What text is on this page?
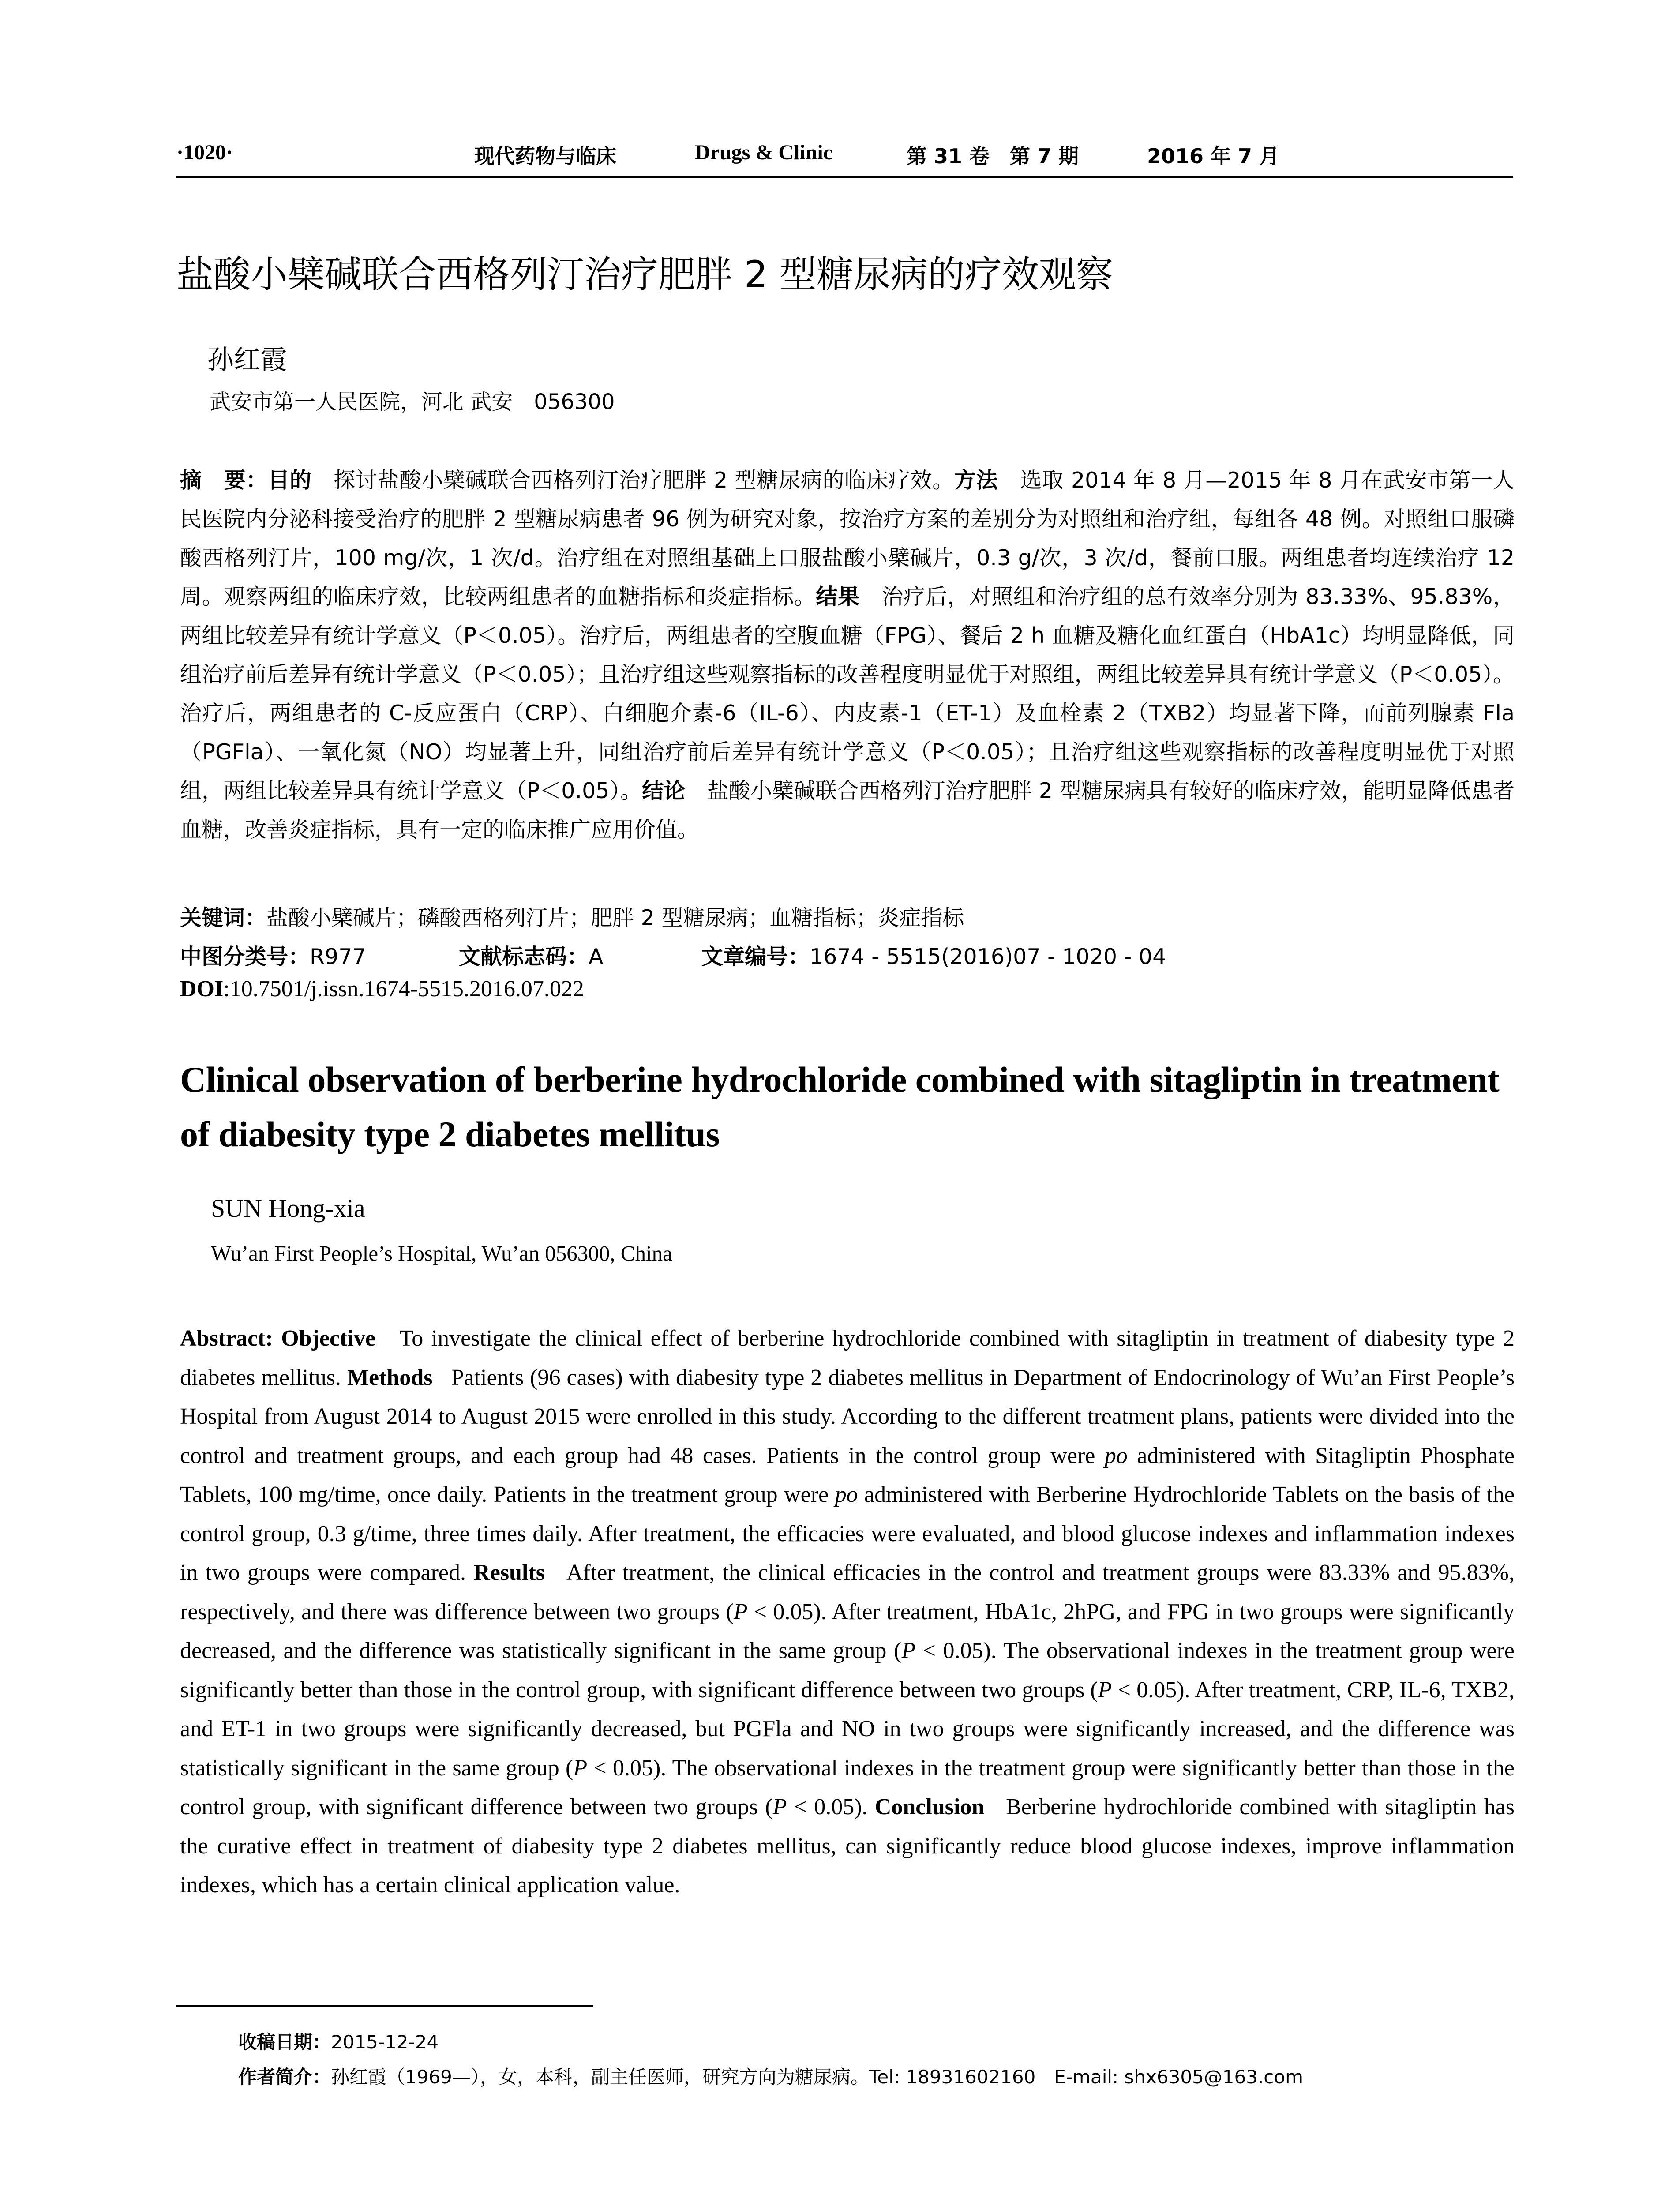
·1020·	现代药物与临床	Drugs & Clinic	第 31 卷　第 7 期	2016 年 7 月
盐酸小檗碱联合西格列汀治疗肥胖 2 型糖尿病的疗效观察
孙红霞
武安市第一人民医院，河北 武安　056300
摘　要：目的　探讨盐酸小檗碱联合西格列汀治疗肥胖 2 型糖尿病的临床疗效。方法　选取 2014 年 8 月—2015 年 8 月在武安市第一人民医院内分泌科接受治疗的肥胖 2 型糖尿病患者 96 例为研究对象，按治疗方案的差别分为对照组和治疗组，每组各 48 例。对照组口服磷酸西格列汀片，100 mg/次，1 次/d。治疗组在对照组基础上口服盐酸小檗碱片，0.3 g/次，3 次/d，餐前口服。两组患者均连续治疗 12 周。观察两组的临床疗效，比较两组患者的血糖指标和炎症指标。结果　治疗后，对照组和治疗组的总有效率分别为 83.33%、95.83%，两组比较差异有统计学意义（P＜0.05）。治疗后，两组患者的空腹血糖（FPG）、餐后 2 h 血糖及糖化血红蛋白（HbA1c）均明显降低，同组治疗前后差异有统计学意义（P＜0.05）；且治疗组这些观察指标的改善程度明显优于对照组，两组比较差异具有统计学意义（P＜0.05）。治疗后，两组患者的 C-反应蛋白（CRP）、白细胞介素-6（IL-6）、内皮素-1（ET-1）及血栓素 2（TXB2）均显著下降，而前列腺素 Fla（PGFla）、一氧化氮（NO）均显著上升，同组治疗前后差异有统计学意义（P＜0.05）；且治疗组这些观察指标的改善程度明显优于对照组，两组比较差异具有统计学意义（P＜0.05）。结论　盐酸小檗碱联合西格列汀治疗肥胖 2 型糖尿病具有较好的临床疗效，能明显降低患者血糖，改善炎症指标，具有一定的临床推广应用价值。
关键词：盐酸小檗碱片；磷酸西格列汀片；肥胖 2 型糖尿病；血糖指标；炎症指标
中图分类号：R977	文献标志码：A	文章编号：1674 - 5515(2016)07 - 1020 - 04
DOI:10.7501/j.issn.1674-5515.2016.07.022
Clinical observation of berberine hydrochloride combined with sitagliptin in treatment of diabesity type 2 diabetes mellitus
SUN Hong-xia
Wu’an First People’s Hospital, Wu’an 056300, China
Abstract: Objective To investigate the clinical effect of berberine hydrochloride combined with sitagliptin in treatment of diabesity type 2 diabetes mellitus. Methods Patients (96 cases) with diabesity type 2 diabetes mellitus in Department of Endocrinology of Wu’an First People’s Hospital from August 2014 to August 2015 were enrolled in this study. According to the different treatment plans, patients were divided into the control and treatment groups, and each group had 48 cases. Patients in the control group were po administered with Sitagliptin Phosphate Tablets, 100 mg/time, once daily. Patients in the treatment group were po administered with Berberine Hydrochloride Tablets on the basis of the control group, 0.3 g/time, three times daily. After treatment, the efficacies were evaluated, and blood glucose indexes and inflammation indexes in two groups were compared. Results After treatment, the clinical efficacies in the control and treatment groups were 83.33% and 95.83%, respectively, and there was difference between two groups (P < 0.05). After treatment, HbA1c, 2hPG, and FPG in two groups were significantly decreased, and the difference was statistically significant in the same group (P < 0.05). The observational indexes in the treatment group were significantly better than those in the control group, with significant difference between two groups (P < 0.05). After treatment, CRP, IL-6, TXB2, and ET-1 in two groups were significantly decreased, but PGFla and NO in two groups were significantly increased, and the difference was statistically significant in the same group (P < 0.05). The observational indexes in the treatment group were significantly better than those in the control group, with significant difference between two groups (P < 0.05). Conclusion Berberine hydrochloride combined with sitagliptin has the curative effect in treatment of diabesity type 2 diabetes mellitus, can significantly reduce blood glucose indexes, improve inflammation indexes, which has a certain clinical application value.
收稿日期：2015-12-24
作者简介：孙红霞（1969—），女，本科，副主任医师，研究方向为糖尿病。Tel: 18931602160　E-mail: shx6305@163.com
